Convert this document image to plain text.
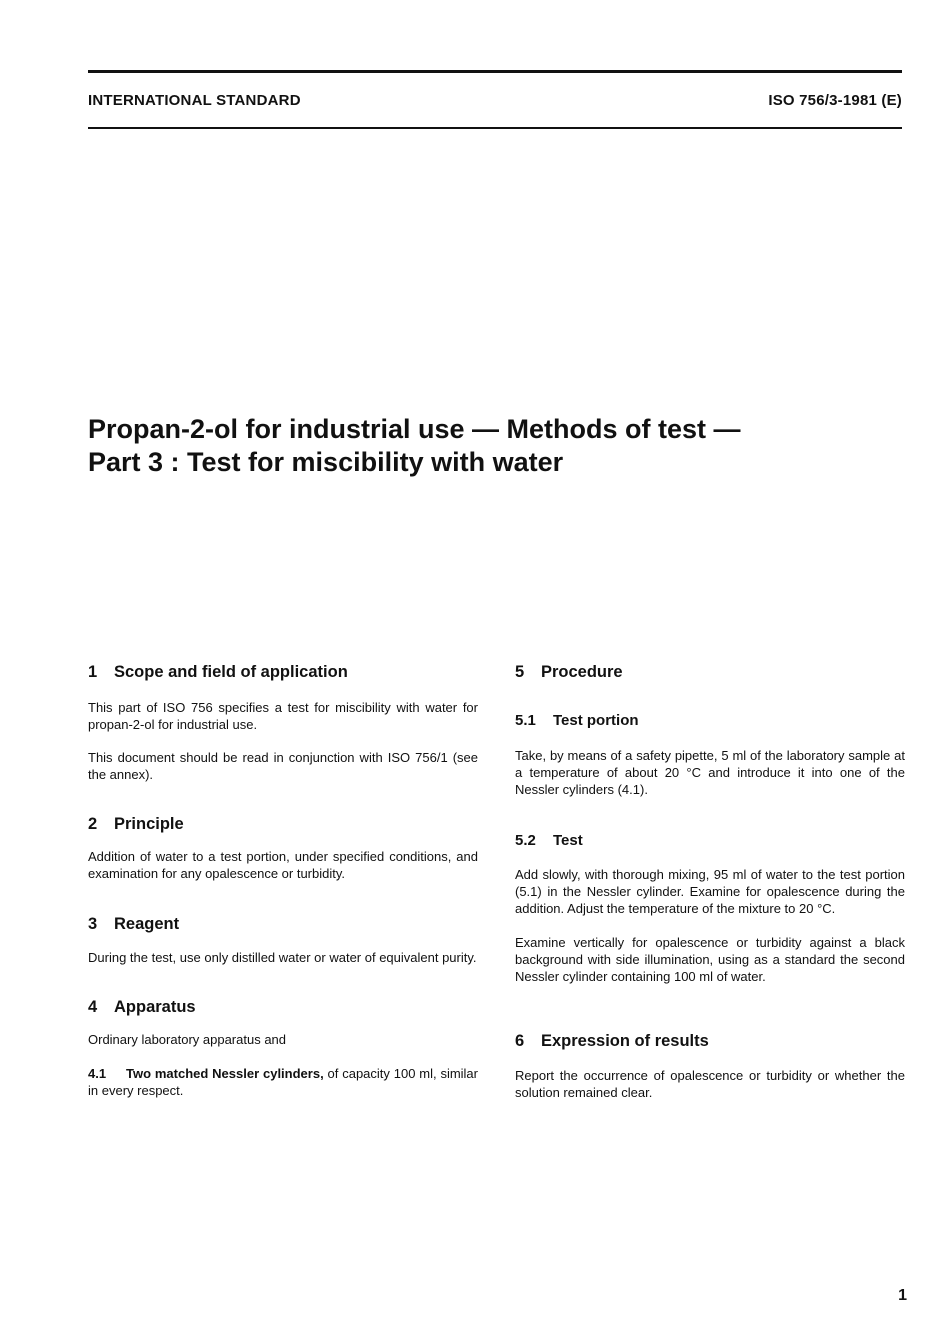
INTERNATIONAL STANDARD	ISO 756/3-1981 (E)
Propan-2-ol for industrial use — Methods of test —
Part 3 : Test for miscibility with water
1 Scope and field of application

This part of ISO 756 specifies a test for miscibility with water for propan-2-ol for industrial use.

This document should be read in conjunction with ISO 756/1 (see the annex).

2 Principle

Addition of water to a test portion, under specified conditions, and examination for any opalescence or turbidity.

3 Reagent

During the test, use only distilled water or water of equivalent purity.

4 Apparatus

Ordinary laboratory apparatus and

4.1 Two matched Nessler cylinders, of capacity 100 ml, similar in every respect.

5 Procedure
5.1 Test portion

Take, by means of a safety pipette, 5 ml of the laboratory sample at a temperature of about 20 °C and introduce it into one of the Nessler cylinders (4.1).

5.2 Test

Add slowly, with thorough mixing, 95 ml of water to the test portion (5.1) in the Nessler cylinder. Examine for opalescence during the addition. Adjust the temperature of the mixture to 20 °C.

Examine vertically for opalescence or turbidity against a black background with side illumination, using as a standard the second Nessler cylinder containing 100 ml of water.

6 Expression of results

Report the occurrence of opalescence or turbidity or whether the solution remained clear.

1
